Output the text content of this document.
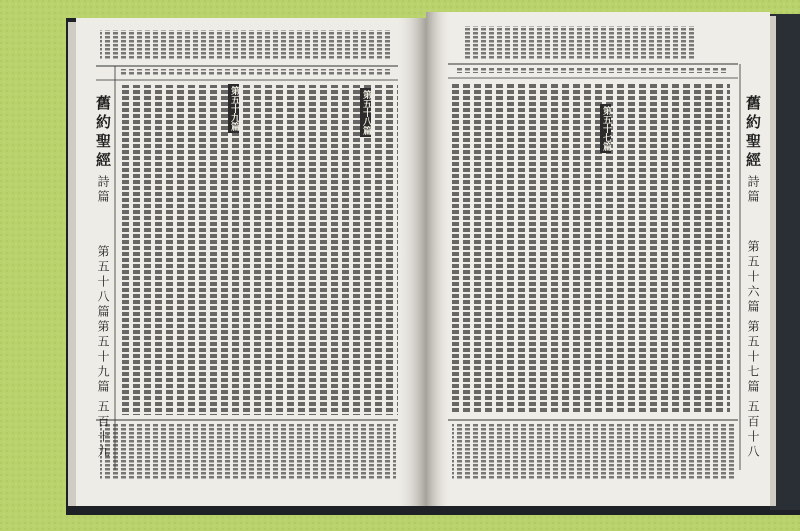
第五十七篇
第五十八篇
第五十九篇	舊約聖經
詩篇
第五十六篇
第五十七篇
五百十八
舊約聖經
詩篇
第五十八篇
第五十九篇
五百十九
